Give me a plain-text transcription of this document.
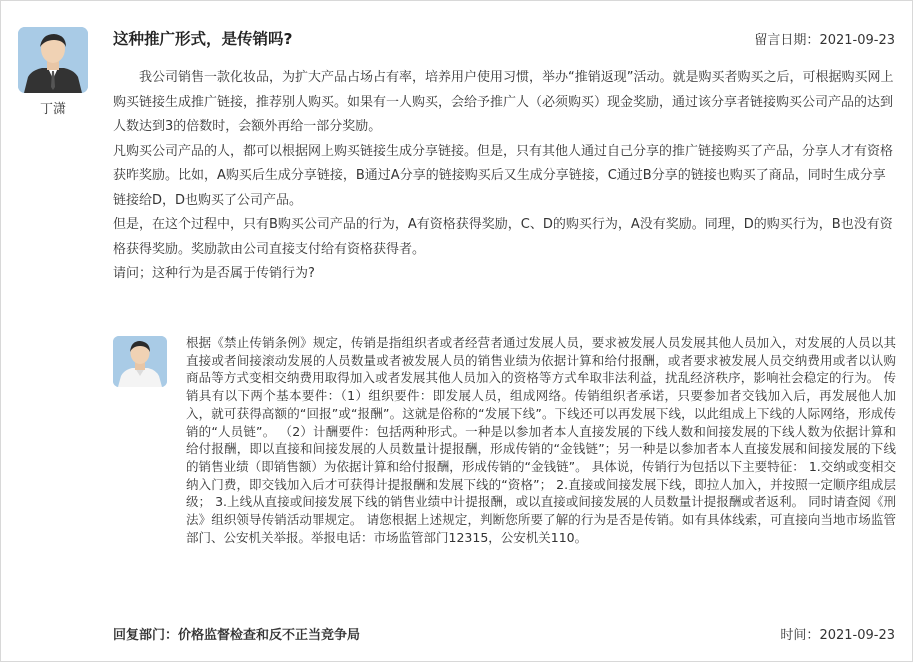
丁潇
这种推广形式，是传销吗?	留言日期：2021-09-23

我公司销售一款化妆品，为扩大产品占场占有率，培养用户使用习惯，举办“推销返现”活动。就是购买者购买之后，可根据购买网上购买链接生成推广链接，推荐别人购买。如果有一人购买，会给予推广人（必须购买）现金奖励，通过该分享者链接购买公司产品的达到人数达到3的倍数时，会额外再给一部分奖励。

凡购买公司产品的人，都可以根据网上购买链接生成分享链接。但是，只有其他人通过自己分享的推广链接购买了产品，分享人才有资格获昨奖励。比如，A购买后生成分享链接，B通过A分享的链接购买后又生成分享链接，C通过B分享的链接也购买了商品，同时生成分享链接给D，D也购买了公司产品。

但是，在这个过程中，只有B购买公司产品的行为，A有资格获得奖励，C、D的购买行为，A没有奖励。同理，D的购买行为，B也没有资格获得奖励。奖励款由公司直接支付给有资格获得者。

请问；这种行为是否属于传销行为?

根据《禁止传销条例》规定，传销是指组织者或者经营者通过发展人员，要求被发展人员发展其他人员加入，对发展的人员以其直接或者间接滚动发展的人员数量或者被发展人员的销售业绩为依据计算和给付报酬，或者要求被发展人员交纳费用或者以认购商品等方式变相交纳费用取得加入或者发展其他人员加入的资格等方式牟取非法利益，扰乱经济秩序，影响社会稳定的行为。 传销具有以下两个基本要件：（1）组织要件：即发展人员，组成网络。传销组织者承诺，只要参加者交钱加入后，再发展他人加入，就可获得高额的“回报”或“报酬”。这就是俗称的“发展下线”。下线还可以再发展下线，以此组成上下线的人际网络，形成传销的“人员链”。 （2）计酬要件：包括两种形式。一种是以参加者本人直接发展的下线人数和间接发展的下线人数为依据计算和给付报酬，即以直接和间接发展的人员数量计提报酬，形成传销的“金钱链”；另一种是以参加者本人直接发展和间接发展的下线的销售业绩（即销售额）为依据计算和给付报酬，形成传销的“金钱链”。 具体说，传销行为包括以下主要特征： 1.交纳或变相交纳入门费，即交钱加入后才可获得计提报酬和发展下线的“资格”； 2.直接或间接发展下线，即拉人加入，并按照一定顺序组成层级； 3.上线从直接或间接发展下线的销售业绩中计提报酬，或以直接或间接发展的人员数量计提报酬或者返利。 同时请查阅《刑法》组织领导传销活动罪规定。 请您根据上述规定，判断您所要了解的行为是否是传销。如有具体线索，可直接向当地市场监管部门、公安机关举报。举报电话：市场监管部门12315，公安机关110。
回复部门：价格监督检查和反不正当竞争局	时间：2021-09-23
